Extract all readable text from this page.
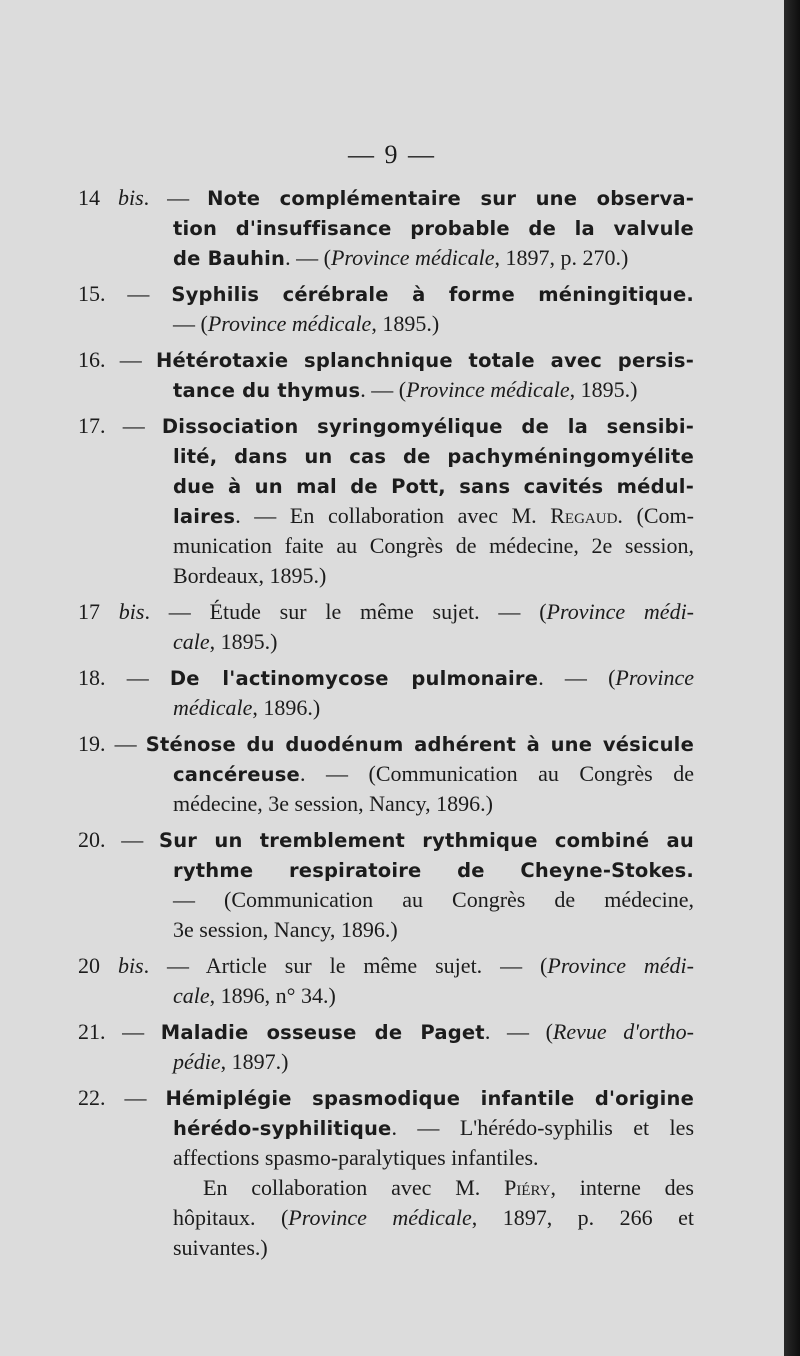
— 9 —
14 bis. — Note complémentaire sur une observa-
tion d'insuffisance probable de la valvule
de Bauhin. — (Province médicale, 1897, p. 270.)
15. — Syphilis cérébrale à forme méningitique.
— (Province médicale, 1895.)
16. — Hétérotaxie splanchnique totale avec persis-
tance du thymus. — (Province médicale, 1895.)
17. — Dissociation syringomyélique de la sensibi-
lité, dans un cas de pachyméningomyélite
due à un mal de Pott, sans cavités médul-
laires. — En collaboration avec M. Regaud. (Com-
munication faite au Congrès de médecine, 2e session,
Bordeaux, 1895.)
17 bis. — Étude sur le même sujet. — (Province médi-
cale, 1895.)
18. — De l'actinomycose pulmonaire. — (Province
médicale, 1896.)
19. — Sténose du duodénum adhérent à une vésicule
cancéreuse. — (Communication au Congrès de
médecine, 3e session, Nancy, 1896.)
20. — Sur un tremblement rythmique combiné au
rythme respiratoire de Cheyne-Stokes.
— (Communication au Congrès de médecine,
3e session, Nancy, 1896.)
20 bis. — Article sur le même sujet. — (Province médi-
cale, 1896, n° 34.)
21. — Maladie osseuse de Paget. — (Revue d'ortho-
pédie, 1897.)
22. — Hémiplégie spasmodique infantile d'origine
hérédo-syphilitique. — L'hérédo-syphilis et les
affections spasmo-paralytiques infantiles.
En collaboration avec M. Piéry, interne des
hôpitaux. (Province médicale, 1897, p. 266 et
suivantes.)
